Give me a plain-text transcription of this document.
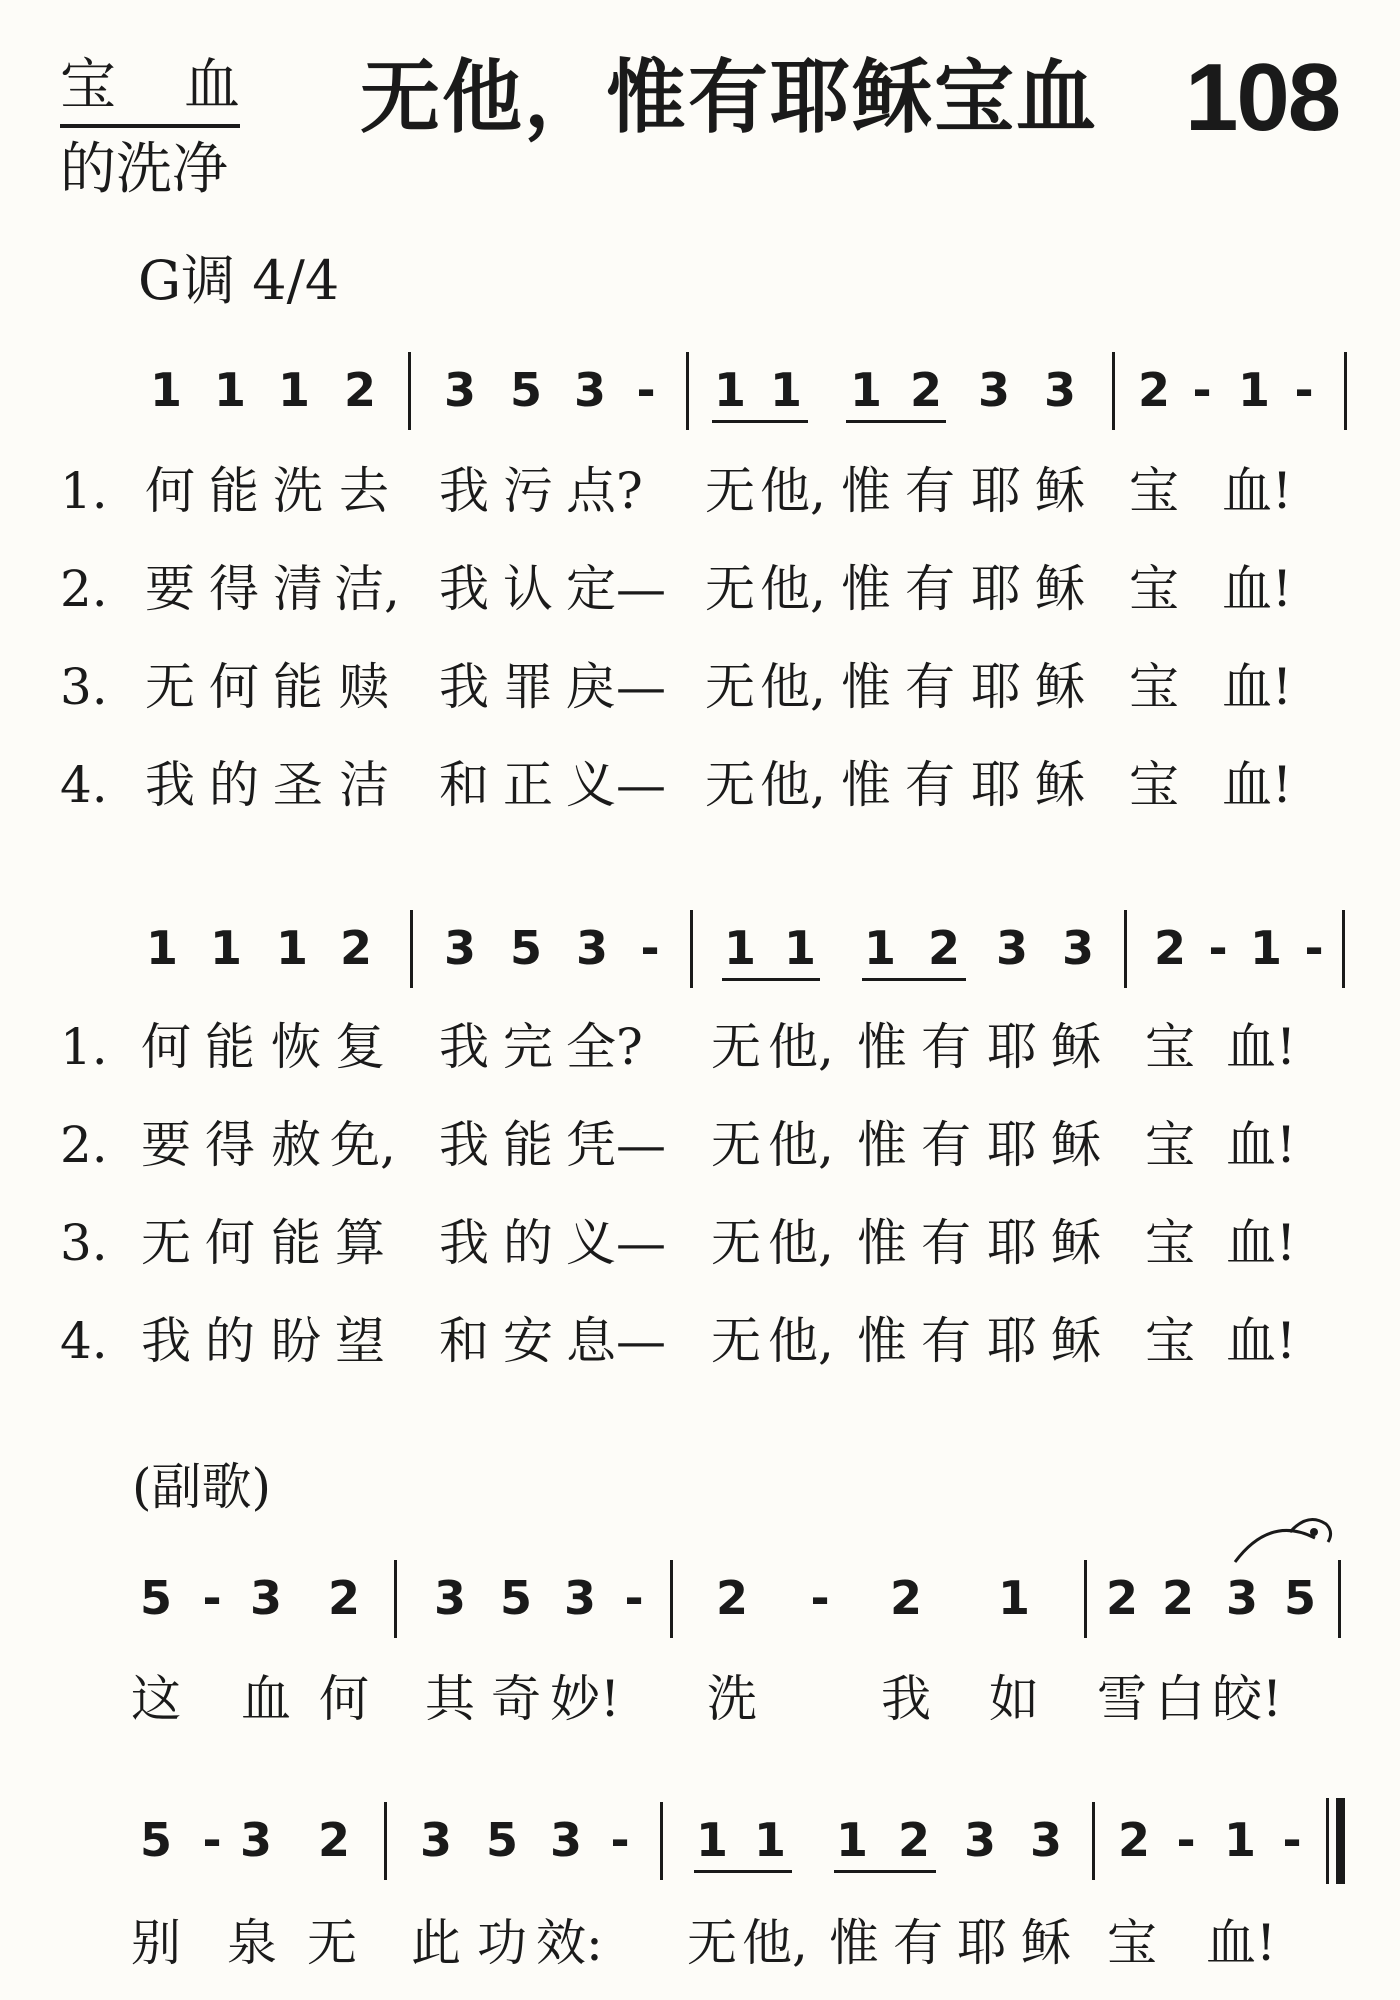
宝 血
的洗净
无他，惟有耶稣宝血 108
G调 4/4
1 1 1 2	3 5 3 -	1 1	1 2 3 3	2 - 1 -
1. 何 能 洗 去 我 污 点? 无 他, 惟 有 耶 稣 宝 血!
2. 要 得 清 洁, 我 认 定— 无 他, 惟 有 耶 稣 宝 血!
3. 无 何 能 赎 我 罪 戾— 无 他, 惟 有 耶 稣 宝 血!
4. 我 的 圣 洁 和 正 义— 无 他, 惟 有 耶 稣 宝 血!
1 1 1 2	3 5 3 -	1 1	1 2 3 3	2 - 1 -
1. 何 能 恢 复 我 完 全? 无 他, 惟 有 耶 稣 宝 血!
2. 要 得 赦 免, 我 能 凭— 无 他, 惟 有 耶 稣 宝 血!
3. 无 何 能 算 我 的 义— 无 他, 惟 有 耶 稣 宝 血!
4. 我 的 盼 望 和 安 息— 无 他, 惟 有 耶 稣 宝 血!
(副歌)
5 - 3 2	3 5 3 -	2	-	2	1	2 2 3 5
这 血 何 其 奇 妙!	洗 我 如 雪 白 皎!
5 - 3 2	3 5 3 -	1 1	1 2 3 3	2 - 1 -
别 泉 无 此 功 效:	无 他, 惟 有 耶 稣 宝 血!
